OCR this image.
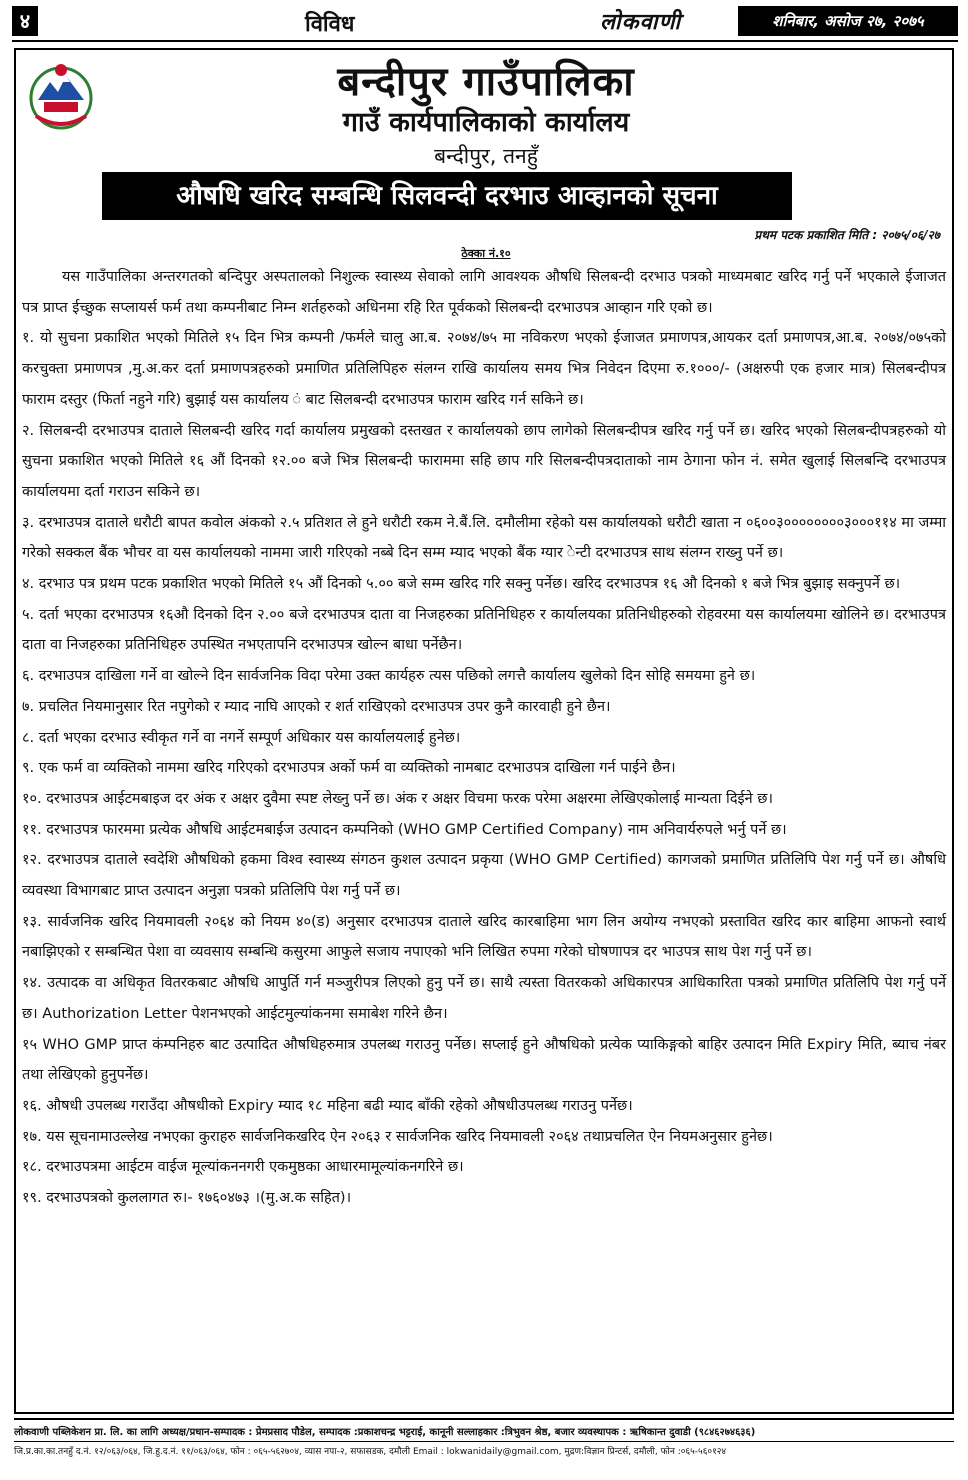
४	विविध	लोकवाणी	शनिबार, असोज २७, २०७५
बन्दीपुर गाउँपालिका
गाउँ कार्यपालिकाको कार्यालय
बन्दीपुर, तनहुँ
औषधि खरिद सम्बन्धि सिलवन्दी दरभाउ आव्हानको सूचना
प्रथम पटक प्रकाशित मिति : २०७५/०६/२७
ठेक्का नं.१०

यस गाउँपालिका अन्तरगतको बन्दिपुर अस्पतालको निशुल्क स्वास्थ्य सेवाको लागि आवश्यक औषधि सिलबन्दी दरभाउ पत्रको माध्यमबाट खरिद गर्नु पर्ने भएकाले ईजाजत पत्र प्राप्त ईच्छुक सप्लायर्स फर्म तथा कम्पनीबाट निम्न शर्तहरुको अधिनमा रहि रित पूर्वकको सिलबन्दी दरभाउपत्र आव्हान गरि एको छ।

१. यो सुचना प्रकाशित भएको मितिले १५ दिन भित्र कम्पनी /फर्मले चालु आ.ब. २०७४/७५ मा नविकरण भएको ईजाजत प्रमाणपत्र,आयकर दर्ता प्रमाणपत्र,आ.ब. २०७४/०७५को करचुक्ता प्रमाणपत्र ,मु.अ.कर दर्ता प्रमाणपत्रहरुको प्रमाणित प्रतिलिपिहरु संलग्न राखि कार्यालय समय भित्र निवेदन दिएमा रु.१०००/- (अक्षरुपी एक हजार मात्र) सिलबन्दीपत्र फाराम दस्तुर (फिर्ता नहुने गरि) बुझाई यस कार्यालय ं बाट सिलबन्दी दरभाउपत्र फाराम खरिद गर्न सकिने छ।

२. सिलबन्दी दरभाउपत्र दाताले सिलबन्दी खरिद गर्दा कार्यालय प्रमुखको दस्तखत र कार्यालयको छाप लागेको सिलबन्दीपत्र खरिद गर्नु पर्ने छ। खरिद भएको सिलबन्दीपत्रहरुको यो सुचना प्रकाशित भएको मितिले १६ औं दिनको १२.०० बजे भित्र सिलबन्दी फाराममा सहि छाप गरि सिलबन्दीपत्रदाताको नाम ठेगाना फोन नं. समेत खुलाई सिलबन्दि दरभाउपत्र कार्यालयमा दर्ता गराउन सकिने छ।

३. दरभाउपत्र दाताले धरौटी बापत कवोल अंकको २.५ प्रतिशत ले हुने धरौटी रकम ने.बैं.लि. दमौलीमा रहेको यस कार्यालयको धरौटी खाता न ०६००३००००००००३०००११४ मा जम्मा गरेको सक्कल बैंक भौचर वा यस कार्यालयको नाममा जारी गरिएको नब्बे दिन सम्म म्याद भएको बैंक ग्यार ेन्टी दरभाउपत्र साथ संलग्न राख्नु पर्ने छ।

४. दरभाउ पत्र प्रथम पटक प्रकाशित भएको मितिले १५ औं दिनको ५.०० बजे सम्म खरिद गरि सक्नु पर्नेछ। खरिद दरभाउपत्र १६ औ दिनको १ बजे भित्र बुझाइ सक्नुपर्ने छ।

५. दर्ता भएका दरभाउपत्र १६औ दिनको दिन २.०० बजे दरभाउपत्र दाता वा निजहरुका प्रतिनिधिहरु र कार्यालयका प्रतिनिधीहरुको रोहवरमा यस कार्यालयमा खोलिने छ। दरभाउपत्र दाता वा निजहरुका प्रतिनिधिहरु उपस्थित नभएतापनि दरभाउपत्र खोल्न बाधा पर्नेछैन।

६. दरभाउपत्र दाखिला गर्ने वा खोल्ने दिन सार्वजनिक विदा परेमा उक्त कार्यहरु त्यस पछिको लगत्तै कार्यालय खुलेको दिन सोहि समयमा हुने छ।

७. प्रचलित नियमानुसार रित नपुगेको र म्याद नाघि आएको र शर्त राखिएको दरभाउपत्र उपर कुनै कारवाही हुने छैन।

८. दर्ता भएका दरभाउ स्वीकृत गर्ने वा नगर्ने सम्पूर्ण अधिकार यस कार्यालयलाई हुनेछ।

९. एक फर्म वा व्यक्तिको नाममा खरिद गरिएको दरभाउपत्र अर्को फर्म वा व्यक्तिको नामबाट दरभाउपत्र दाखिला गर्न पाईने छैन।

१०. दरभाउपत्र आईटमबाइज दर अंक र अक्षर दुवैमा स्पष्ट लेख्नु पर्ने छ। अंक र अक्षर विचमा फरक परेमा अक्षरमा लेखिएकोलाई मान्यता दिईने छ।

११. दरभाउपत्र फारममा प्रत्येक औषधि आईटमबाईज उत्पादन कम्पनिको (WHO GMP Certified Company) नाम अनिवार्यरुपले भर्नु पर्ने छ।

१२. दरभाउपत्र दाताले स्वदेशि औषधिको हकमा विश्व स्वास्थ्य संगठन कुशल उत्पादन प्रकृया (WHO GMP Certified) कागजको प्रमाणित प्रतिलिपि पेश गर्नु पर्ने छ। औषधि व्यवस्था विभागबाट प्राप्त उत्पादन अनुज्ञा पत्रको प्रतिलिपि पेश गर्नु पर्ने छ।

१३. सार्वजनिक खरिद नियमावली २०६४ को नियम ४०(ड) अनुसार दरभाउपत्र दाताले खरिद कारबाहिमा भाग लिन अयोग्य नभएको प्रस्तावित खरिद कार बाहिमा आफनो स्वार्थ नबाझिएको र सम्बन्धित पेशा वा व्यवसाय सम्बन्धि कसुरमा आफुले सजाय नपाएको भनि लिखित रुपमा गरेको घोषणापत्र दर भाउपत्र साथ पेश गर्नु पर्ने छ।

१४. उत्पादक वा अधिकृत वितरकबाट औषधि आपुर्ति गर्न मञ्जुरीपत्र लिएको हुनु पर्ने छ। साथै त्यस्ता वितरकको अधिकारपत्र आधिकारिता पत्रको प्रमाणित प्रतिलिपि पेश गर्नु पर्ने छ। Authorization Letter पेशनभएको आईटमुल्यांकनमा समाबेश गरिने छैन।

१५ WHO GMP प्राप्त कंम्पनिहरु बाट उत्पादित औषधिहरुमात्र उपलब्ध गराउनु पर्नेछ। सप्लाई हुने औषधिको प्रत्येक प्याकिङ्गको बाहिर उत्पादन मिति Expiry मिति, ब्याच नंबर तथा लेखिएको हुनुपर्नेछ।

१६. औषधी उपलब्ध गराउँदा औषधीको Expiry म्याद १८ महिना बढी म्याद बाँकी रहेको औषधीउपलब्ध गराउनु पर्नेछ।

१७. यस सूचनामाउल्लेख नभएका कुराहरु सार्वजनिकखरिद ऐन २०६३ र सार्वजनिक खरिद नियमावली २०६४ तथाप्रचलित ऐन नियमअनुसार हुनेछ।

१८. दरभाउपत्रमा आईटम वाईज मूल्यांकननगरी एकमुष्ठका आधारमामूल्यांकनगरिने छ।

१९. दरभाउपत्रको कुललागत रु।- १७६०४७३ ।(मु.अ.क सहित)।

लोकवाणी पब्लिकेशन प्रा. लि. का लागि अध्यक्ष/प्रधान-सम्पादक : प्रेमप्रसाद पौडेल, सम्पादक :प्रकाशचन्द्र भट्टराई, कानूनी सल्लाहकार :त्रिभुवन श्रेष्ठ, बजार व्यवस्थापक : ऋषिकान्त दुवाडी (९८४६२७४६३६)
जि.प्र.का.का.तनहुँ द.नं. १२/०६३/०६४, जि.हु.द.नं. ११/०६३/०६४, फोन : ०६५-५६२७०४, व्यास नपा-२, सफासडक, दमौली Email : lokwanidaily@gmail.com, मुद्रण:विज्ञान प्रिन्टर्स, दमौली, फोन :०६५-५६०१२४
